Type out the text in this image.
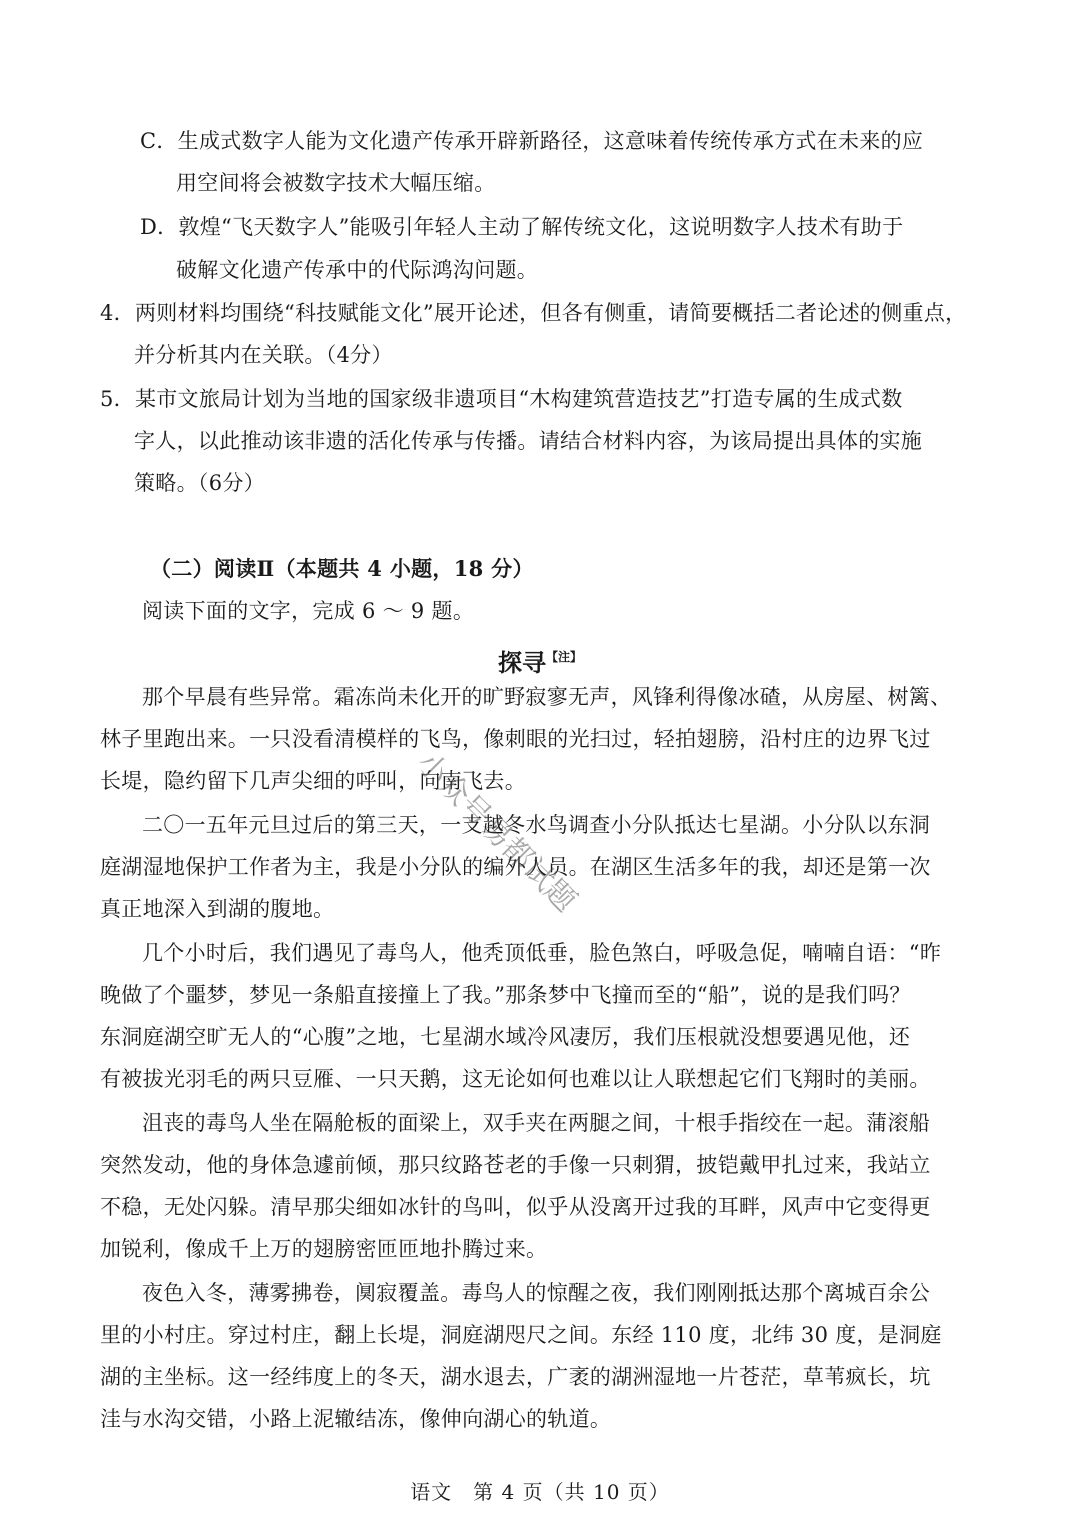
C．生成式数字人能为文化遗产传承开辟新路径，这意味着传统传承方式在未来的应
用空间将会被数字技术大幅压缩。
D．敦煌“飞天数字人”能吸引年轻人主动了解传统文化，这说明数字人技术有助于
破解文化遗产传承中的代际鸿沟问题。
4．两则材料均围绕“科技赋能文化”展开论述，但各有侧重，请简要概括二者论述的侧重点，
并分析其内在关联。（4分）
5．某市文旅局计划为当地的国家级非遗项目“木构建筑营造技艺”打造专属的生成式数
字人，以此推动该非遗的活化传承与传播。请结合材料内容，为该局提出具体的实施
策略。（6分）
（二）阅读Ⅱ（本题共 4 小题，18 分）
阅读下面的文字，完成 6 ～ 9 题。
探寻$^{【注】}$
那个早晨有些异常。霜冻尚未化开的旷野寂寥无声，风锋利得像冰碴，从房屋、树篱、
林子里跑出来。一只没看清模样的飞鸟，像刺眼的光扫过，轻拍翅膀，沿村庄的边界飞过
长堤，隐约留下几声尖细的呼叫，向南飞去。
二〇一五年元旦过后的第三天，一支越冬水鸟调查小分队抵达七星湖。小分队以东洞
庭湖湿地保护工作者为主，我是小分队的编外人员。在湖区生活多年的我，却还是第一次
真正地深入到湖的腹地。
几个小时后，我们遇见了毒鸟人，他秃顶低垂，脸色煞白，呼吸急促，喃喃自语：“昨
晚做了个噩梦，梦见一条船直接撞上了我。”那条梦中飞撞而至的“船”，说的是我们吗？
东洞庭湖空旷无人的“心腹”之地，七星湖水域冷风凄厉，我们压根就没想要遇见他，还
有被拔光羽毛的两只豆雁、一只天鹅，这无论如何也难以让人联想起它们飞翔时的美丽。
沮丧的毒鸟人坐在隔舱板的面梁上，双手夹在两腿之间，十根手指绞在一起。蒲滚船
突然发动，他的身体急遽前倾，那只纹路苍老的手像一只刺猬，披铠戴甲扎过来，我站立
不稳，无处闪躲。清早那尖细如冰针的鸟叫，似乎从没离开过我的耳畔，风声中它变得更
加锐利，像成千上万的翅膀密匝匝地扑腾过来。
夜色入冬，薄雾拂卷，阒寂覆盖。毒鸟人的惊醒之夜，我们刚刚抵达那个离城百余公
里的小村庄。穿过村庄，翻上长堤，洞庭湖咫尺之间。东经 110 度，北纬 30 度，是洞庭
湖的主坐标。这一经纬度上的冬天，湖水退去，广袤的湖洲湿地一片苍茫，草苇疯长，坑
洼与水沟交错，小路上泥辙结冻，像伸向湖心的轨道。
小众号易都试题
语文　第 4 页（共 10 页）
